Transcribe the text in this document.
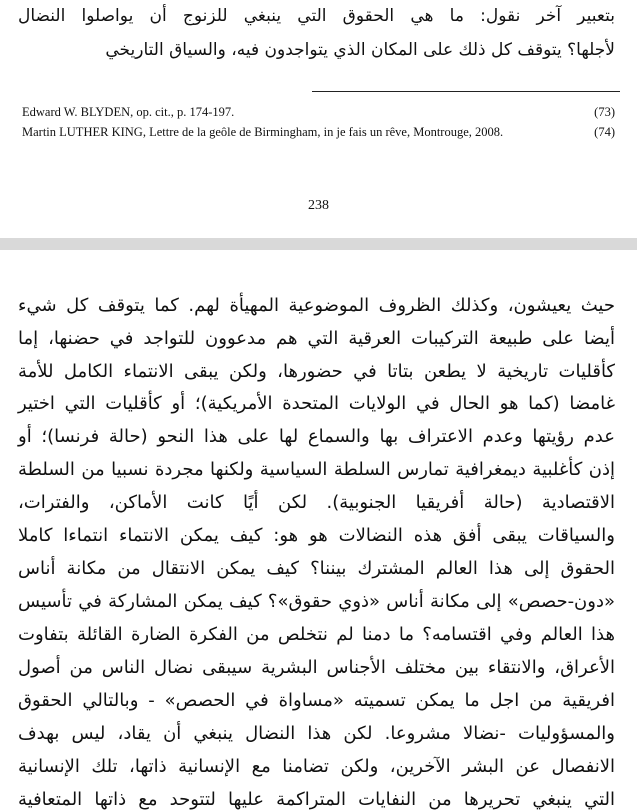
بتعبير آخر نقول: ما هي الحقوق التي ينبغي للزنوج أن يواصلوا النضال
لأجلها؟ يتوقف كل ذلك على المكان الذي يتواجدون فيه، والسياق التاريخي
(73)
Edward W. BLYDEN, op. cit., p. 174-197.
(74)
Martin LUTHER KING, Lettre de la geôle de Birmingham, in je fais un rêve, Montrouge, 2008.
238
حيث يعيشون، وكذلك الظروف الموضوعية المهيأة لهم. كما يتوقف كل شيء
أيضا على طبيعة التركيبات العرقية التي هم مدعوون للتواجد في حضنها، إما
كأقليات تاريخية لا يطعن بتاتا في حضورها، ولكن يبقى الانتماء الكامل للأمة
غامضا (كما هو الحال في الولايات المتحدة الأمريكية)؛ أو كأقليات التي اختير
عدم رؤيتها وعدم الاعتراف بها والسماع لها على هذا النحو (حالة فرنسا)؛ أو
إذن كأغلبية ديمغرافية تمارس السلطة السياسية ولكنها مجردة نسبيا من السلطة
الاقتصادية (حالة أفريقيا الجنوبية). لكن أيًا كانت الأماكن، والفترات،
والسياقات يبقى أفق هذه النضالات هو هو: كيف يمكن الانتماء انتماءا كاملا
الحقوق إلى هذا العالم المشترك بيننا؟ كيف يمكن الانتقال من مكانة أناس
«دون-حصص» إلى مكانة أناس «ذوي حقوق»؟ كيف يمكن المشاركة في تأسيس
هذا العالم وفي اقتسامه؟ ما دمنا لم نتخلص من الفكرة الضارة القائلة بتفاوت
الأعراق، والانتقاء بين مختلف الأجناس البشرية سيبقى نضال الناس من أصول
افريقية من اجل ما يمكن تسميته «مساواة في الحصص» - وبالتالي الحقوق
والمسؤوليات -نضالا مشروعا. لكن هذا النضال ينبغي أن يقاد، ليس بهدف
الانفصال عن البشر الآخرين، ولكن تضامنا مع الإنسانية ذاتها، تلك الإنسانية
التي ينبغي تحريرها من النفايات المتراكمة عليها لتتوحد مع ذاتها المتعافية
